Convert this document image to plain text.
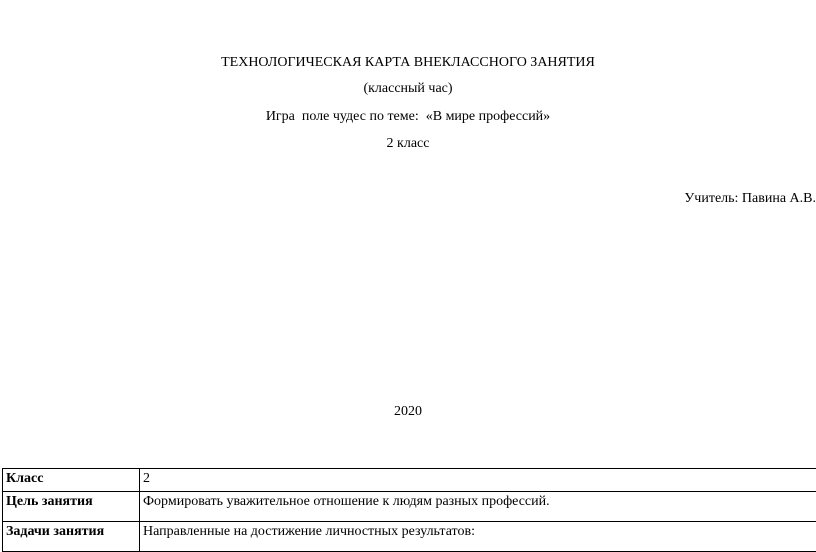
ТЕХНОЛОГИЧЕСКАЯ КАРТА ВНЕКЛАССНОГО ЗАНЯТИЯ
(классный час)
Игра  поле чудес по теме:  «В мире профессий»
2 класс
Учитель: Павина А.В.
2020
Класс	2
Цель занятия	Формировать уважительное отношение к людям разных профессий.
Задачи занятия	Направленные на достижение личностных результатов:
